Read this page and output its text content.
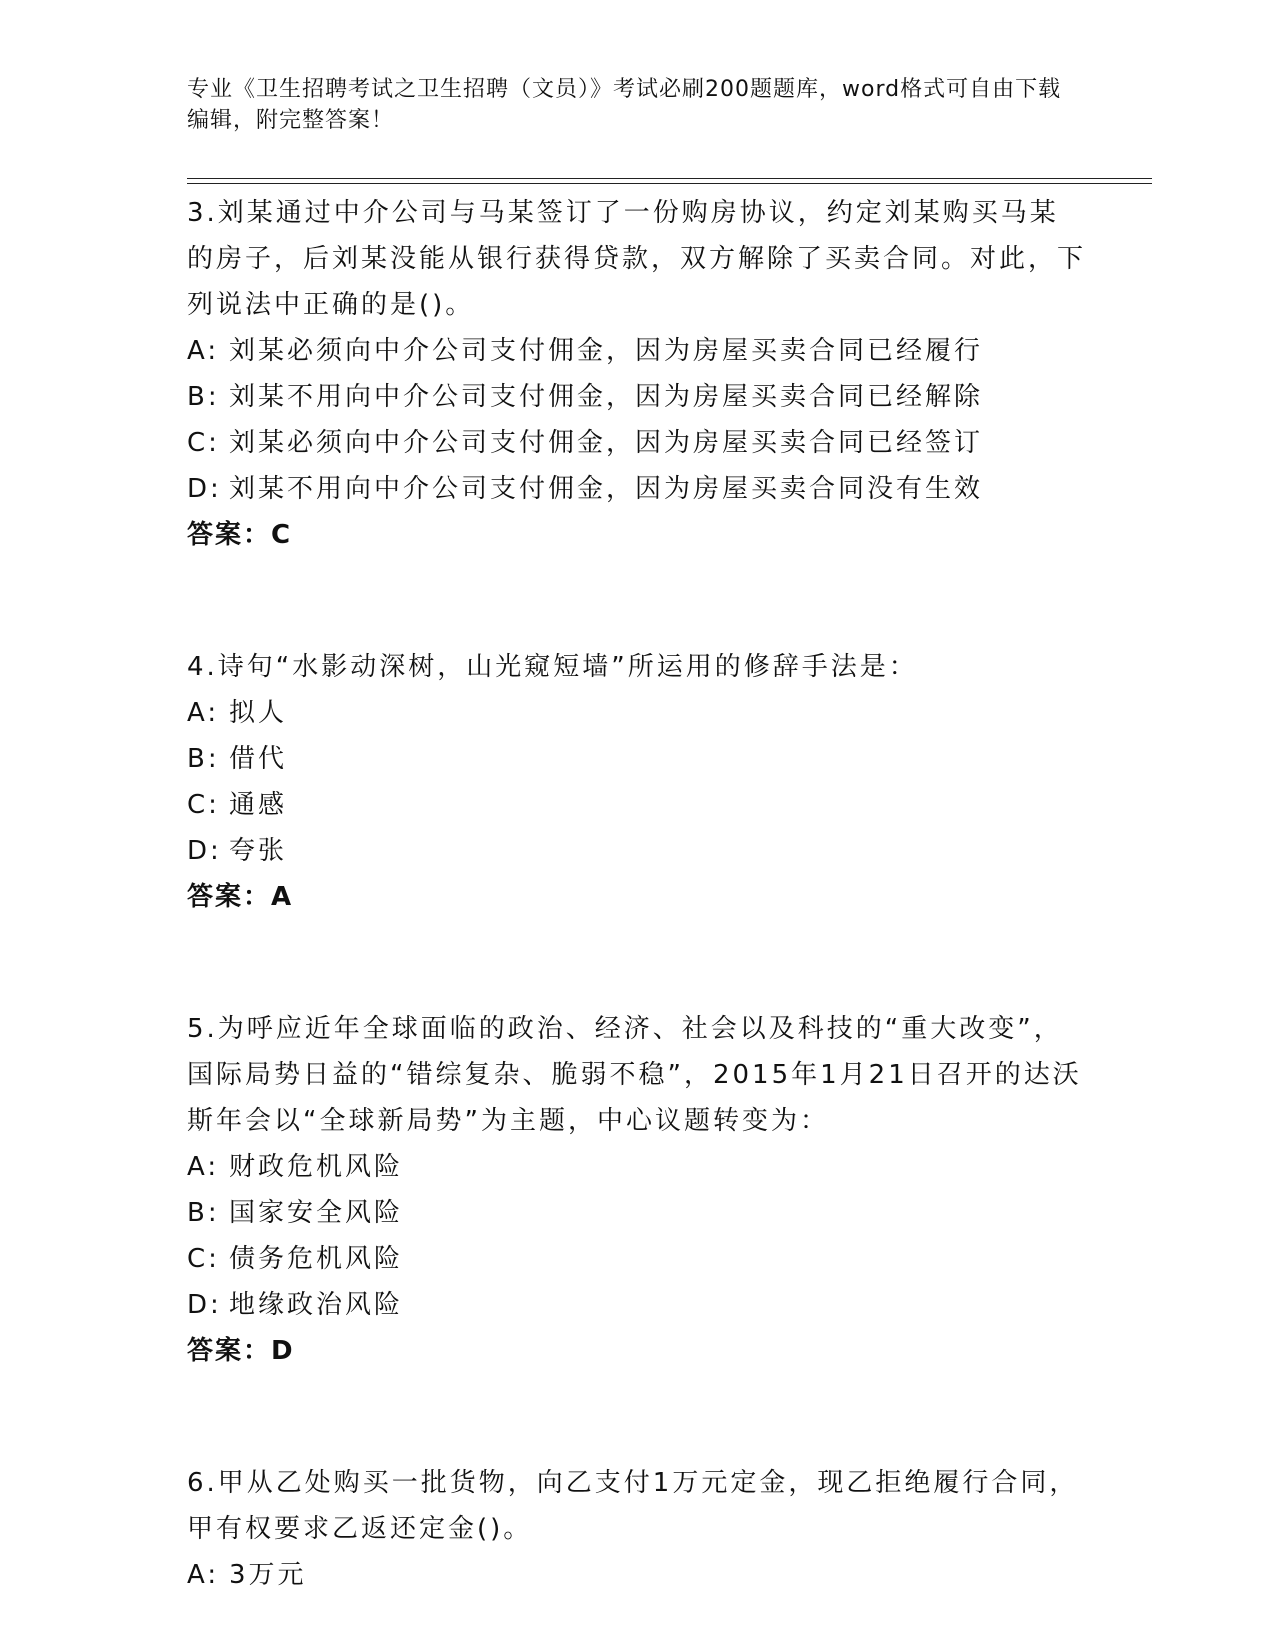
专业《卫生招聘考试之卫生招聘（文员）》考试必刷200题题库，word格式可自由下载编辑，附完整答案！

3.刘某通过中介公司与马某签订了一份购房协议，约定刘某购买马某的房子，后刘某没能从银行获得贷款，双方解除了买卖合同。对此，下列说法中正确的是()。

A: 刘某必须向中介公司支付佣金，因为房屋买卖合同已经履行

B: 刘某不用向中介公司支付佣金，因为房屋买卖合同已经解除

C: 刘某必须向中介公司支付佣金，因为房屋买卖合同已经签订

D: 刘某不用向中介公司支付佣金，因为房屋买卖合同没有生效

答案：C

4.诗句“水影动深树，山光窥短墙”所运用的修辞手法是：

A: 拟人

B: 借代

C: 通感

D: 夸张

答案：A

5.为呼应近年全球面临的政治、经济、社会以及科技的“重大改变”，国际局势日益的“错综复杂、脆弱不稳”，2015年1月21日召开的达沃斯年会以“全球新局势”为主题，中心议题转变为：

A: 财政危机风险

B: 国家安全风险

C: 债务危机风险

D: 地缘政治风险

答案：D

6.甲从乙处购买一批货物，向乙支付1万元定金，现乙拒绝履行合同，甲有权要求乙返还定金()。

A: 3万元
